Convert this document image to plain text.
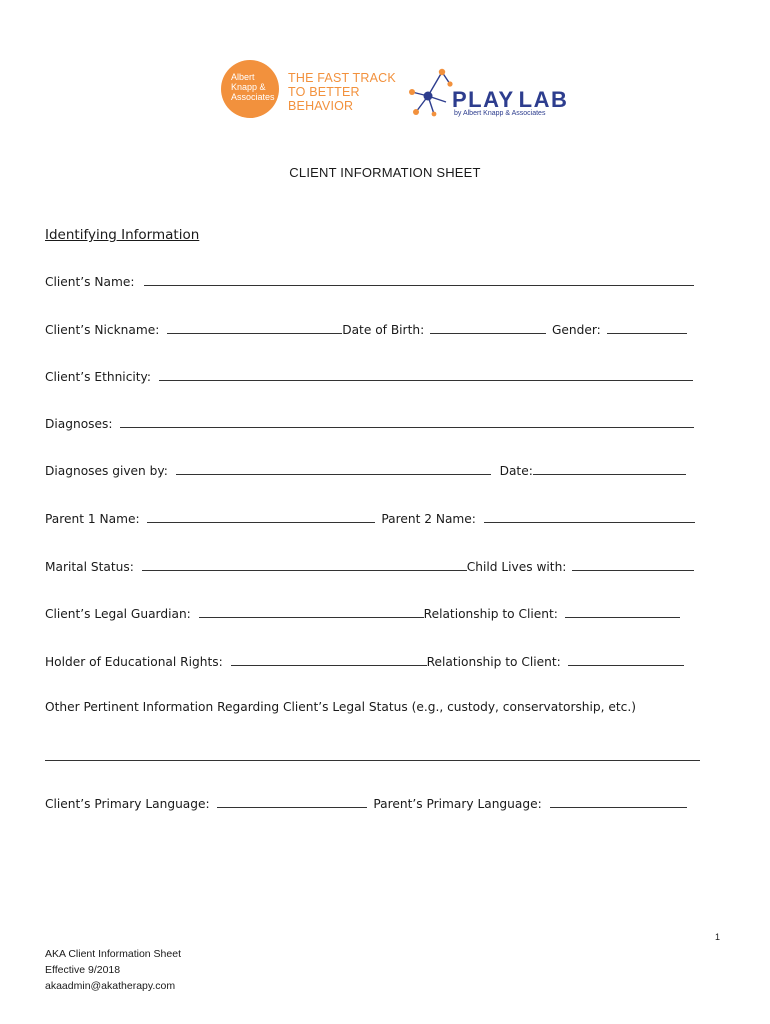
Albert
Knapp &
Associates
THE FAST TRACK
TO BETTER
BEHAVIOR	PLAY LAB
by Albert Knapp & Associates
CLIENT INFORMATION SHEET
Identifying Information
Client’s Name:
Client’s Nickname:	Date of Birth:	Gender:
Client’s Ethnicity:
Diagnoses:
Diagnoses given by:	Date:
Parent 1 Name:	Parent 2 Name:
Marital Status:	Child Lives with:
Client’s Legal Guardian:	Relationship to Client:
Holder of Educational Rights:	Relationship to Client:
Other Pertinent Information Regarding Client’s Legal Status (e.g., custody, conservatorship, etc.)
Client’s Primary Language:	Parent’s Primary Language:
1
AKA Client Information Sheet
Effective 9/2018
akaadmin@akatherapy.com
